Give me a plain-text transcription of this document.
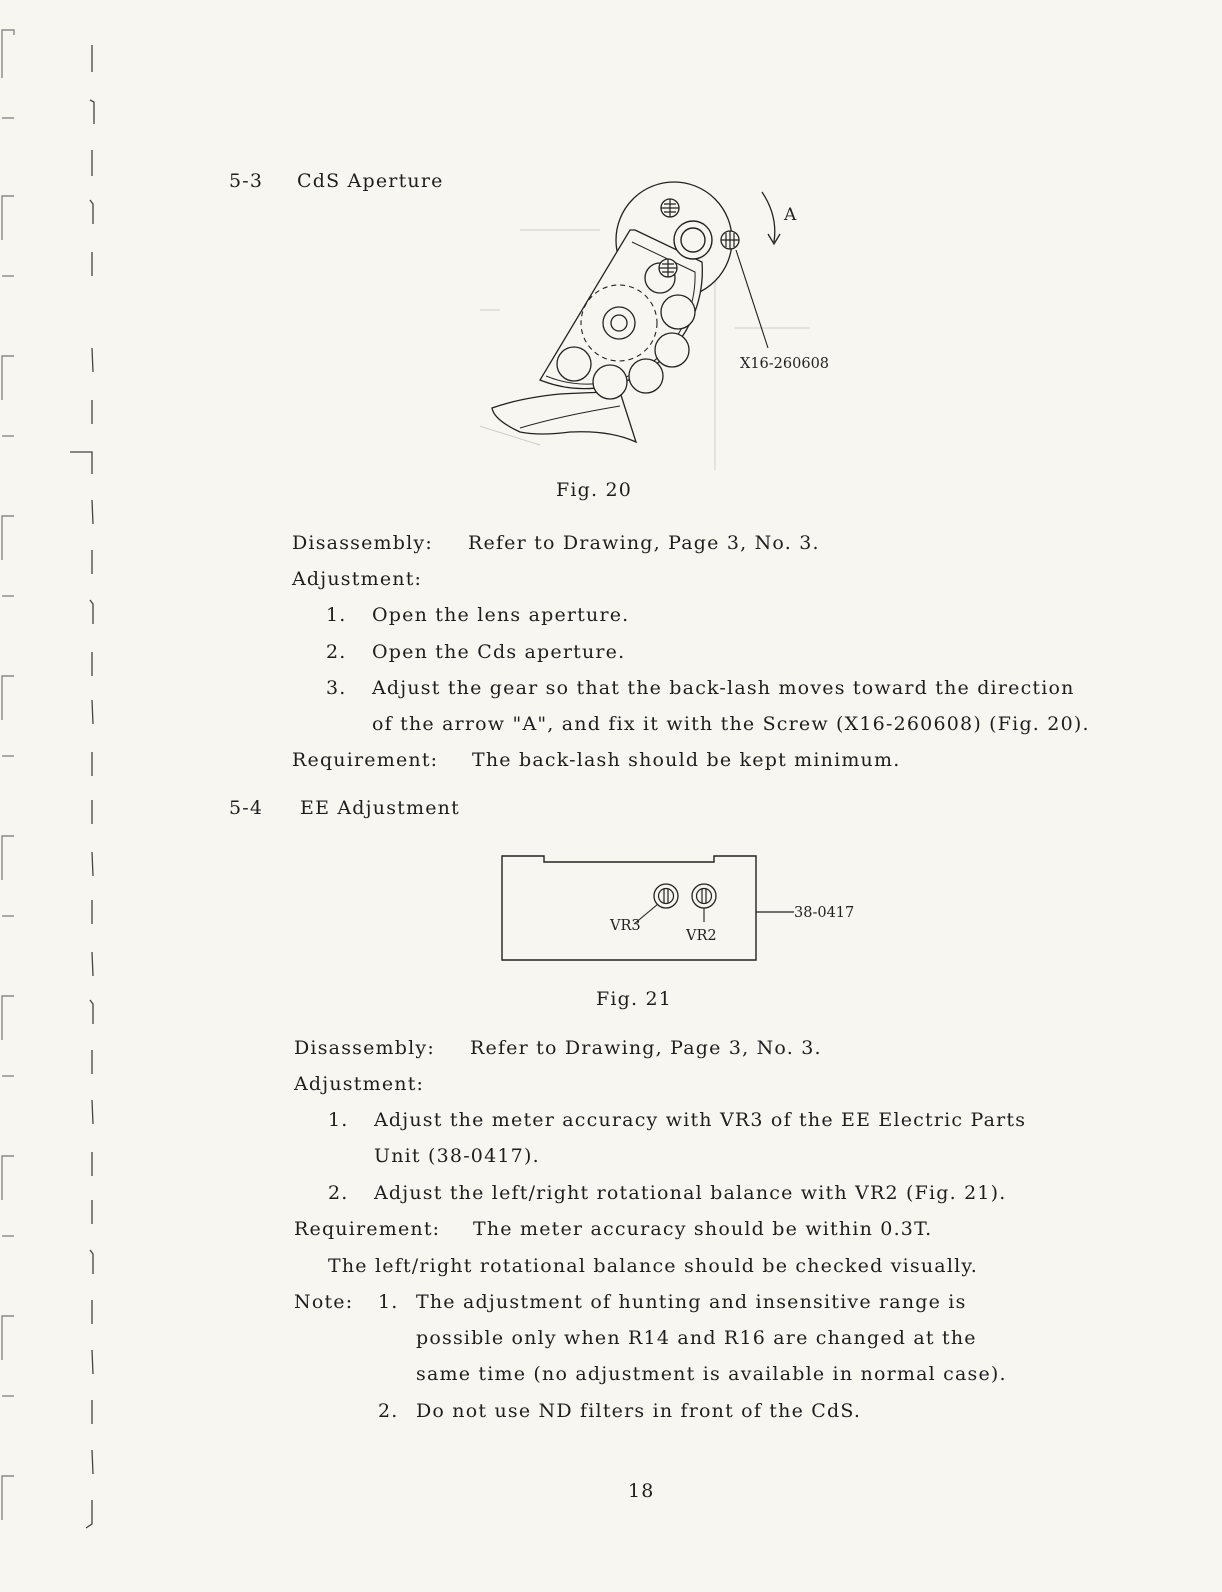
5-3 CdS Aperture
A
X16-260608
Fig. 20
Disassembly: Refer to Drawing, Page 3, No. 3.
Adjustment:
1. Open the lens aperture.
2. Open the Cds aperture.
3. Adjust the gear so that the back-lash moves toward the direction
of the arrow "A", and fix it with the Screw (X16-260608) (Fig. 20).
Requirement: The back-lash should be kept minimum.
5-4 EE Adjustment
VR3
VR2
38-0417
Fig. 21
Disassembly: Refer to Drawing, Page 3, No. 3.
Adjustment:
1. Adjust the meter accuracy with VR3 of the EE Electric Parts
Unit (38-0417).
2. Adjust the left/right rotational balance with VR2 (Fig. 21).
Requirement: The meter accuracy should be within 0.3T.
The left/right rotational balance should be checked visually.
Note: 1. The adjustment of hunting and insensitive range is
possible only when R14 and R16 are changed at the
same time (no adjustment is available in normal case).
2. Do not use ND filters in front of the CdS.
18
